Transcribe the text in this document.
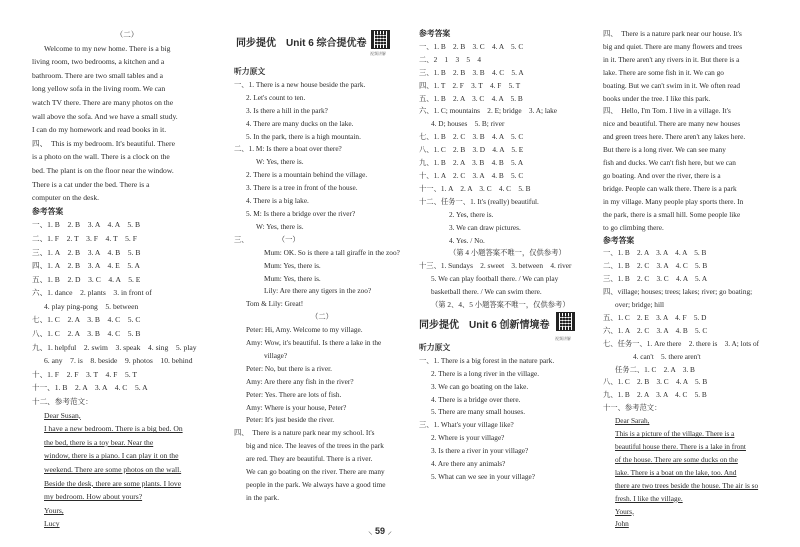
（二）
Welcome to my new home. There is a big
living room, two bedrooms, a kitchen and a
bathroom. There are two small tables and a
long yellow sofa in the living room. We can
watch TV there. There are many photos on the
wall above the sofa. And we have a small study.
I can do my homework and read books in it.
四、　This is my bedroom. It's beautiful. There
is a photo on the wall. There is a clock on the
bed. The plant is on the floor near the window.
There is a cat under the bed. There is a
computer on the desk.
参考答案
一、1. B　2. B　3. A　4. A　5. B
二、1. F　2. T　3. F　4. T　5. F
三、1. A　2. B　3. A　4. B　5. B
四、1. A　2. B　3. A　4. E　5. A
五、1. B　2. D　3. C　4. A　5. E
六、1. dance　2. plants　3. in front of
4. play ping-pong　5. between
七、1. C　2. A　3. B　4. C　5. C
八、1. C　2. A　3. B　4. C　5. B
九、1. helpful　2. swim　3. speak　4. sing　5. play
6. any　7. is　8. beside　9. photos　10. behind
十、1. F　2. F　3. T　4. F　5. T
十一、1. B　2. A　3. A　4. C　5. A
十二、参考范文：
Dear Susan,
I have a new bedroom. There is a big bed. On
the bed, there is a toy bear. Near the
window, there is a piano. I can play it on the
weekend. There are some photos on the wall.
Beside the desk, there are some plants. I love
my bedroom. How about yours?
Yours,
Lucy
同步提优　Unit 6 综合提优卷
视频讲解
听力原文
一、1. There is a new house beside the park.
2. Let's count to ten.
3. Is there a hill in the park?
4. There are many ducks on the lake.
5. In the park, there is a high mountain.
二、1. M: Is there a boat over there?
W: Yes, there is.
2. There is a mountain behind the village.
3. There is a tree in front of the house.
4. There is a big lake.
5. M: Is there a bridge over the river?
W: Yes, there is.
三、　　　　　（一）
Mum: OK. So is there a tall giraffe in the zoo?
Mum: Yes, there is.
Mum: Yes, there is.
Lily: Are there any tigers in the zoo?
Tom & Lily: Great!
（二）
Peter: Hi, Amy. Welcome to my village.
Amy: Wow, it's beautiful. Is there a lake in the
village?
Peter: No, but there is a river.
Amy: Are there any fish in the river?
Peter: Yes. There are lots of fish.
Amy: Where is your house, Peter?
Peter: It's just beside the river.
四、　There is a nature park near my school. It's
big and nice. The leaves of the trees in the park
are red. They are beautiful. There is a river.
We can go boating on the river. There are many
people in the park. We always have a good time
in the park.
参考答案
一、1. B　2. B　3. C　4. A　5. C
二、2　1　3　5　4
三、1. B　2. B　3. B　4. C　5. A
四、1. T　2. F　3. T　4. F　5. T
五、1. B　2. A　3. C　4. A　5. B
六、1. C; mountains　2. E; bridge　3. A; lake
4. D; houses　5. B; river
七、1. B　2. C　3. B　4. A　5. C
八、1. C　2. B　3. D　4. A　5. E
九、1. B　2. A　3. B　4. B　5. A
十、1. A　2. C　3. A　4. B　5. C
十一、1. A　2. A　3. C　4. C　5. B
十二、任务一、1. It's (really) beautiful.
2. Yes, there is.
3. We can draw pictures.
4. Yes. / No.
（第 4 小题答案不唯一，仅供参考）
十三、1. Sundays　2. sweet　3. between　4. river
5. We can play football there. / We can play
basketball there. / We can swim there.
（第 2、4、5 小题答案不唯一，仅供参考）
同步提优　Unit 6 创新情境卷
视频讲解
听力原文
一、1. There is a big forest in the nature park.
2. There is a long river in the village.
3. We can go boating on the lake.
4. There is a bridge over there.
5. There are many small houses.
三、1. What's your village like?
2. Where is your village?
3. Is there a river in your village?
4. Are there any animals?
5. What can we see in your village?
四、　There is a nature park near our house. It's
big and quiet. There are many flowers and trees
in it. There aren't any rivers in it. But there is a
lake. There are some fish in it. We can go
boating. But we can't swim in it. We often read
books under the tree. I like this park.
四、　Hello, I'm Tom. I live in a village. It's
nice and beautiful. There are many new houses
and green trees here. There aren't any lakes here.
But there is a long river. We can see many
fish and ducks. We can't fish here, but we can
go boating. And over the river, there is a
bridge. People can walk there. There is a park
in my village. Many people play sports there. In
the park, there is a small hill. Some people like
to go climbing there.
参考答案
一、1. B　2. A　3. A　4. A　5. B
二、1. B　2. C　3. A　4. C　5. B
三、1. B　2. C　3. C　4. A　5. A
四、village; houses; trees; lakes; river; go boating;
over; bridge; hill
五、1. C　2. E　3. A　4. F　5. D
六、1. A　2. C　3. A　4. B　5. C
七、任务一、1. Are there　2. there is　3. A; lots of
4. can't　5. there aren't
任务二、1. C　2. A　3. B
八、1. C　2. B　3. C　4. A　5. B
九、1. B　2. A　3. A　4. C　5. B
十一、参考范文：
Dear Sarah,
This is a picture of the village. There is a
beautiful house there. There is a lake in front
of the house. There are some ducks on the
lake. There is a boat on the lake, too. And
there are two trees beside the house. The air is so
fresh. I like the village.
Yours,
John
⸜ 59 ⸝
